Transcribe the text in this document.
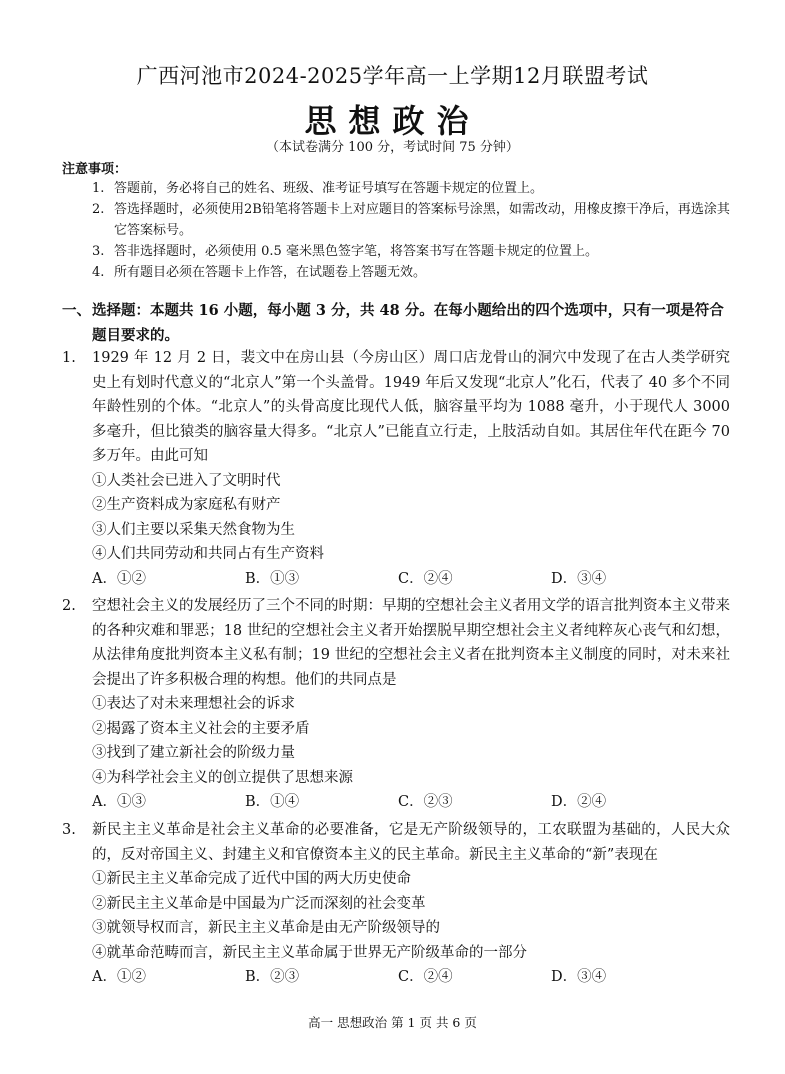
广西河池市2024-2025学年高一上学期12月联盟考试
思想政治
（本试卷满分 100 分，考试时间 75 分钟）
注意事项：
1. 答题前，务必将自己的姓名、班级、准考证号填写在答题卡规定的位置上。
2. 答选择题时，必须使用2B铅笔将答题卡上对应题目的答案标号涂黑，如需改动，用橡皮擦干净后，再选涂其它答案标号。
3. 答非选择题时，必须使用 0.5 毫米黑色签字笔，将答案书写在答题卡规定的位置上。
4. 所有题目必须在答题卡上作答，在试题卷上答题无效。
一、 选择题：本题共 16 小题，每小题 3 分，共 48 分。在每小题给出的四个选项中，只有一项是符合题目要求的。
1.	1929 年 12 月 2 日，裴文中在房山县（今房山区）周口店龙骨山的洞穴中发现了在古人类学研究史上有划时代意义的“北京人”第一个头盖骨。1949 年后又发现“北京人”化石，代表了 40 多个不同年龄性别的个体。“北京人”的头骨高度比现代人低，脑容量平均为 1088 毫升，小于现代人 3000 多毫升，但比猿类的脑容量大得多。“北京人”已能直立行走，上肢活动自如。其居住年代在距今 70 多万年。由此可知
①人类社会已进入了文明时代
②生产资料成为家庭私有财产
③人们主要以采集天然食物为生
④人们共同劳动和共同占有生产资料
A．①②	B．①③	C．②④	D．③④
2.	空想社会主义的发展经历了三个不同的时期：早期的空想社会主义者用文学的语言批判资本主义带来的各种灾难和罪恶；18 世纪的空想社会主义者开始摆脱早期空想社会主义者纯粹灰心丧气和幻想，从法律角度批判资本主义私有制；19 世纪的空想社会主义者在批判资本主义制度的同时，对未来社会提出了许多积极合理的构想。他们的共同点是
①表达了对未来理想社会的诉求
②揭露了资本主义社会的主要矛盾
③找到了建立新社会的阶级力量
④为科学社会主义的创立提供了思想来源
A．①③	B．①④	C．②③	D．②④
3.	新民主主义革命是社会主义革命的必要准备，它是无产阶级领导的，工农联盟为基础的，人民大众的，反对帝国主义、封建主义和官僚资本主义的民主革命。新民主主义革命的“新”表现在
①新民主主义革命完成了近代中国的两大历史使命
②新民主主义革命是中国最为广泛而深刻的社会变革
③就领导权而言，新民主主义革命是由无产阶级领导的
④就革命范畴而言，新民主主义革命属于世界无产阶级革命的一部分
A．①②	B．②③	C．②④	D．③④
高一 思想政治 第 1 页 共 6 页
